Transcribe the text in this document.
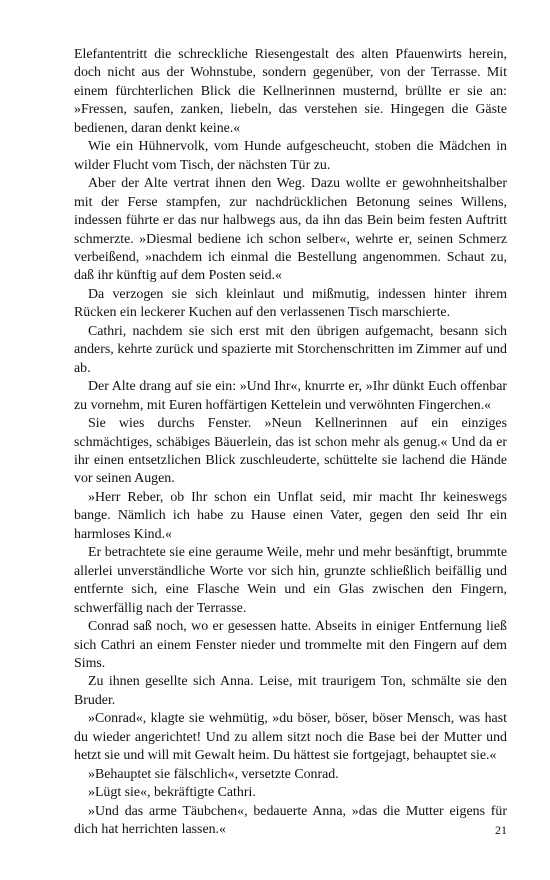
Elefantentritt die schreckliche Riesengestalt des alten Pfauenwirts herein, doch nicht aus der Wohnstube, sondern gegenüber, von der Terrasse. Mit einem fürchterlichen Blick die Kellnerinnen musternd, brüllte er sie an: »Fressen, saufen, zanken, liebeln, das verstehen sie. Hingegen die Gäste bedienen, daran denkt keine.«

Wie ein Hühnervolk, vom Hunde aufgescheucht, stoben die Mädchen in wilder Flucht vom Tisch, der nächsten Tür zu.

Aber der Alte vertrat ihnen den Weg. Dazu wollte er gewohnheitshalber mit der Ferse stampfen, zur nachdrücklichen Betonung seines Willens, indessen führte er das nur halbwegs aus, da ihn das Bein beim festen Auftritt schmerzte. »Diesmal bediene ich schon selber«, wehrte er, seinen Schmerz verbeißend, »nachdem ich einmal die Bestellung angenommen. Schaut zu, daß ihr künftig auf dem Posten seid.«

Da verzogen sie sich kleinlaut und mißmutig, indessen hinter ihrem Rücken ein leckerer Kuchen auf den verlassenen Tisch marschierte.

Cathri, nachdem sie sich erst mit den übrigen aufgemacht, besann sich anders, kehrte zurück und spazierte mit Storchenschritten im Zimmer auf und ab.

Der Alte drang auf sie ein: »Und Ihr«, knurrte er, »Ihr dünkt Euch offenbar zu vornehm, mit Euren hoffärtigen Kettelein und verwöhnten Fingerchen.«

Sie wies durchs Fenster. »Neun Kellnerinnen auf ein einziges schmächtiges, schäbiges Bäuerlein, das ist schon mehr als genug.« Und da er ihr einen entsetzlichen Blick zuschleuderte, schüttelte sie lachend die Hände vor seinen Augen.

»Herr Reber, ob Ihr schon ein Unflat seid, mir macht Ihr keineswegs bange. Nämlich ich habe zu Hause einen Vater, gegen den seid Ihr ein harmloses Kind.«

Er betrachtete sie eine geraume Weile, mehr und mehr besänftigt, brummte allerlei unverständliche Worte vor sich hin, grunzte schließlich beifällig und entfernte sich, eine Flasche Wein und ein Glas zwischen den Fingern, schwerfällig nach der Terrasse.

Conrad saß noch, wo er gesessen hatte. Abseits in einiger Entfernung ließ sich Cathri an einem Fenster nieder und trommelte mit den Fingern auf dem Sims.

Zu ihnen gesellte sich Anna. Leise, mit traurigem Ton, schmälte sie den Bruder.

»Conrad«, klagte sie wehmütig, »du böser, böser, böser Mensch, was hast du wieder angerichtet! Und zu allem sitzt noch die Base bei der Mutter und hetzt sie und will mit Gewalt heim. Du hättest sie fortgejagt, behauptet sie.«

»Behauptet sie fälschlich«, versetzte Conrad.

»Lügt sie«, bekräftigte Cathri.

»Und das arme Täubchen«, bedauerte Anna, »das die Mutter eigens für dich hat herrichten lassen.«	21
